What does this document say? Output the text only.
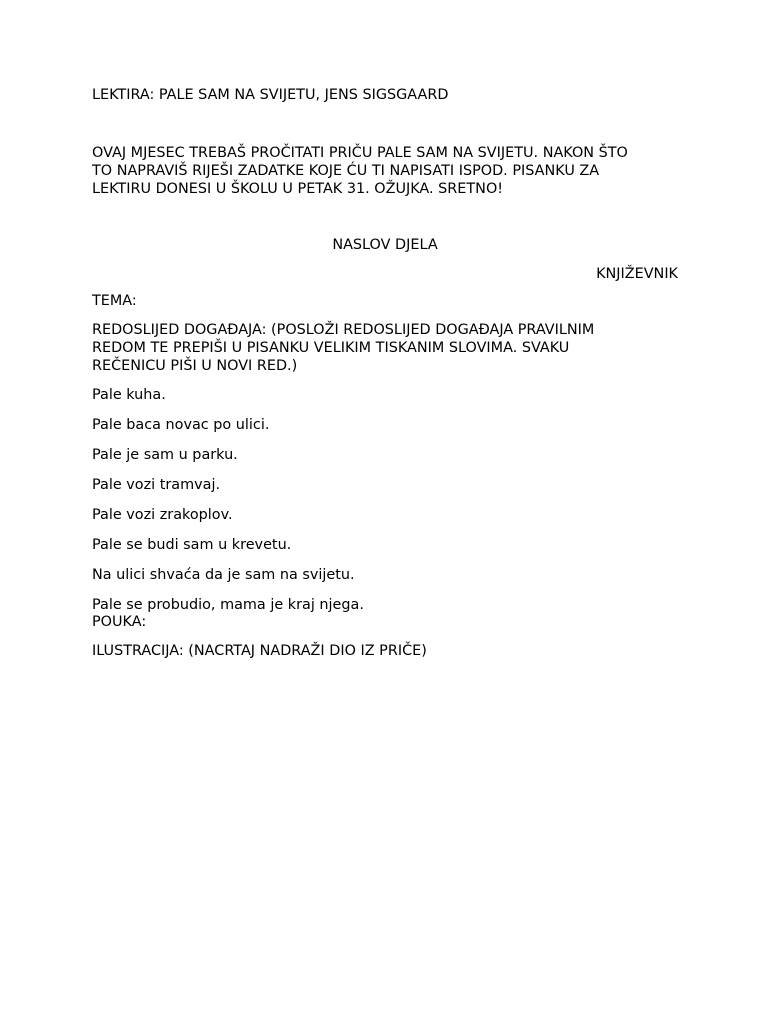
LEKTIRA: PALE SAM NA SVIJETU, JENS SIGSGAARD

OVAJ MJESEC TREBAŠ PROČITATI PRIČU PALE SAM NA SVIJETU. NAKON ŠTO

TO NAPRAVIŠ RIJEŠI ZADATKE KOJE ĆU TI NAPISATI ISPOD. PISANKU ZA

LEKTIRU DONESI U ŠKOLU U PETAK 31. OŽUJKA. SRETNO!

NASLOV DJELA

KNJIŽEVNIK

TEMA:

REDOSLIJED DOGAĐAJA: (POSLOŽI REDOSLIJED DOGAĐAJA PRAVILNIM

REDOM TE PREPIŠI U PISANKU VELIKIM TISKANIM SLOVIMA. SVAKU

REČENICU PIŠI U NOVI RED.)

Pale kuha.
Pale baca novac po ulici.
Pale je sam u parku.
Pale vozi tramvaj.
Pale vozi zrakoplov.
Pale se budi sam u krevetu.
Na ulici shvaća da je sam na svijetu.
Pale se probudio, mama je kraj njega.

POUKA:

ILUSTRACIJA: (NACRTAJ NADRAŽI DIO IZ PRIČE)
